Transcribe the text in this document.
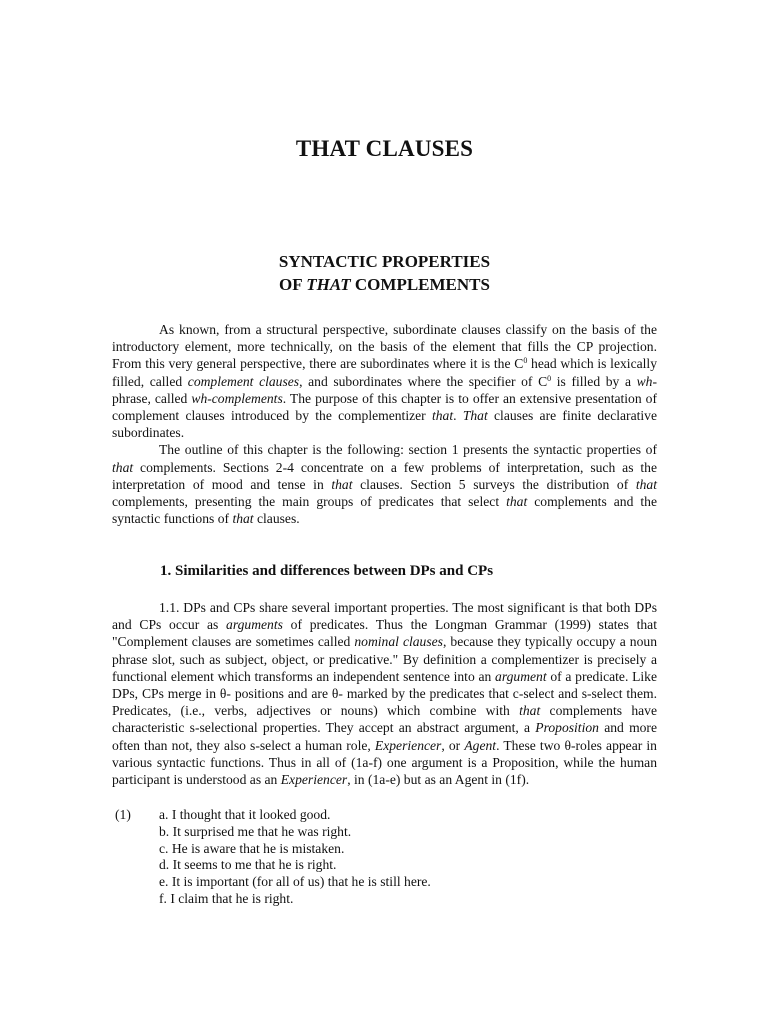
THAT CLAUSES
SYNTACTIC PROPERTIES
OF THAT COMPLEMENTS

As known, from a structural perspective, subordinate clauses classify on the basis of the introductory element, more technically, on the basis of the element that fills the CP projection. From this very general perspective, there are subordinates where it is the $C^0$ head which is lexically filled, called complement clauses, and subordinates where the specifier of $C^0$ is filled by a wh-phrase, called wh-complements. The purpose of this chapter is to offer an extensive presentation of complement clauses introduced by the complementizer that. That clauses are finite declarative subordinates.

The outline of this chapter is the following: section 1 presents the syntactic properties of that complements. Sections 2-4 concentrate on a few problems of interpretation, such as the interpretation of mood and tense in that clauses. Section 5 surveys the distribution of that complements, presenting the main groups of predicates that select that complements and the syntactic functions of that clauses.

1. Similarities and differences between DPs and CPs

1.1. DPs and CPs share several important properties. The most significant is that both DPs and CPs occur as arguments of predicates. Thus the Longman Grammar (1999) states that "Complement clauses are sometimes called nominal clauses, because they typically occupy a noun phrase slot, such as subject, object, or predicative." By definition a complementizer is precisely a functional element which transforms an independent sentence into an argument of a predicate. Like DPs, CPs merge in θ- positions and are θ- marked by the predicates that c-select and s-select them. Predicates, (i.e., verbs, adjectives or nouns) which combine with that complements have characteristic s-selectional properties. They accept an abstract argument, a Proposition and more often than not, they also s-select a human role, Experiencer, or Agent. These two θ-roles appear in various syntactic functions. Thus in all of (1a-f) one argument is a Proposition, while the human participant is understood as an Experiencer, in (1a-e) but as an Agent in (1f).

(1)	a. I thought that it looked good.
b. It surprised me that he was right.
c. He is aware that he is mistaken.
d. It seems to me that he is right.
e. It is important (for all of us) that he is still here.
f. I claim that he is right.
